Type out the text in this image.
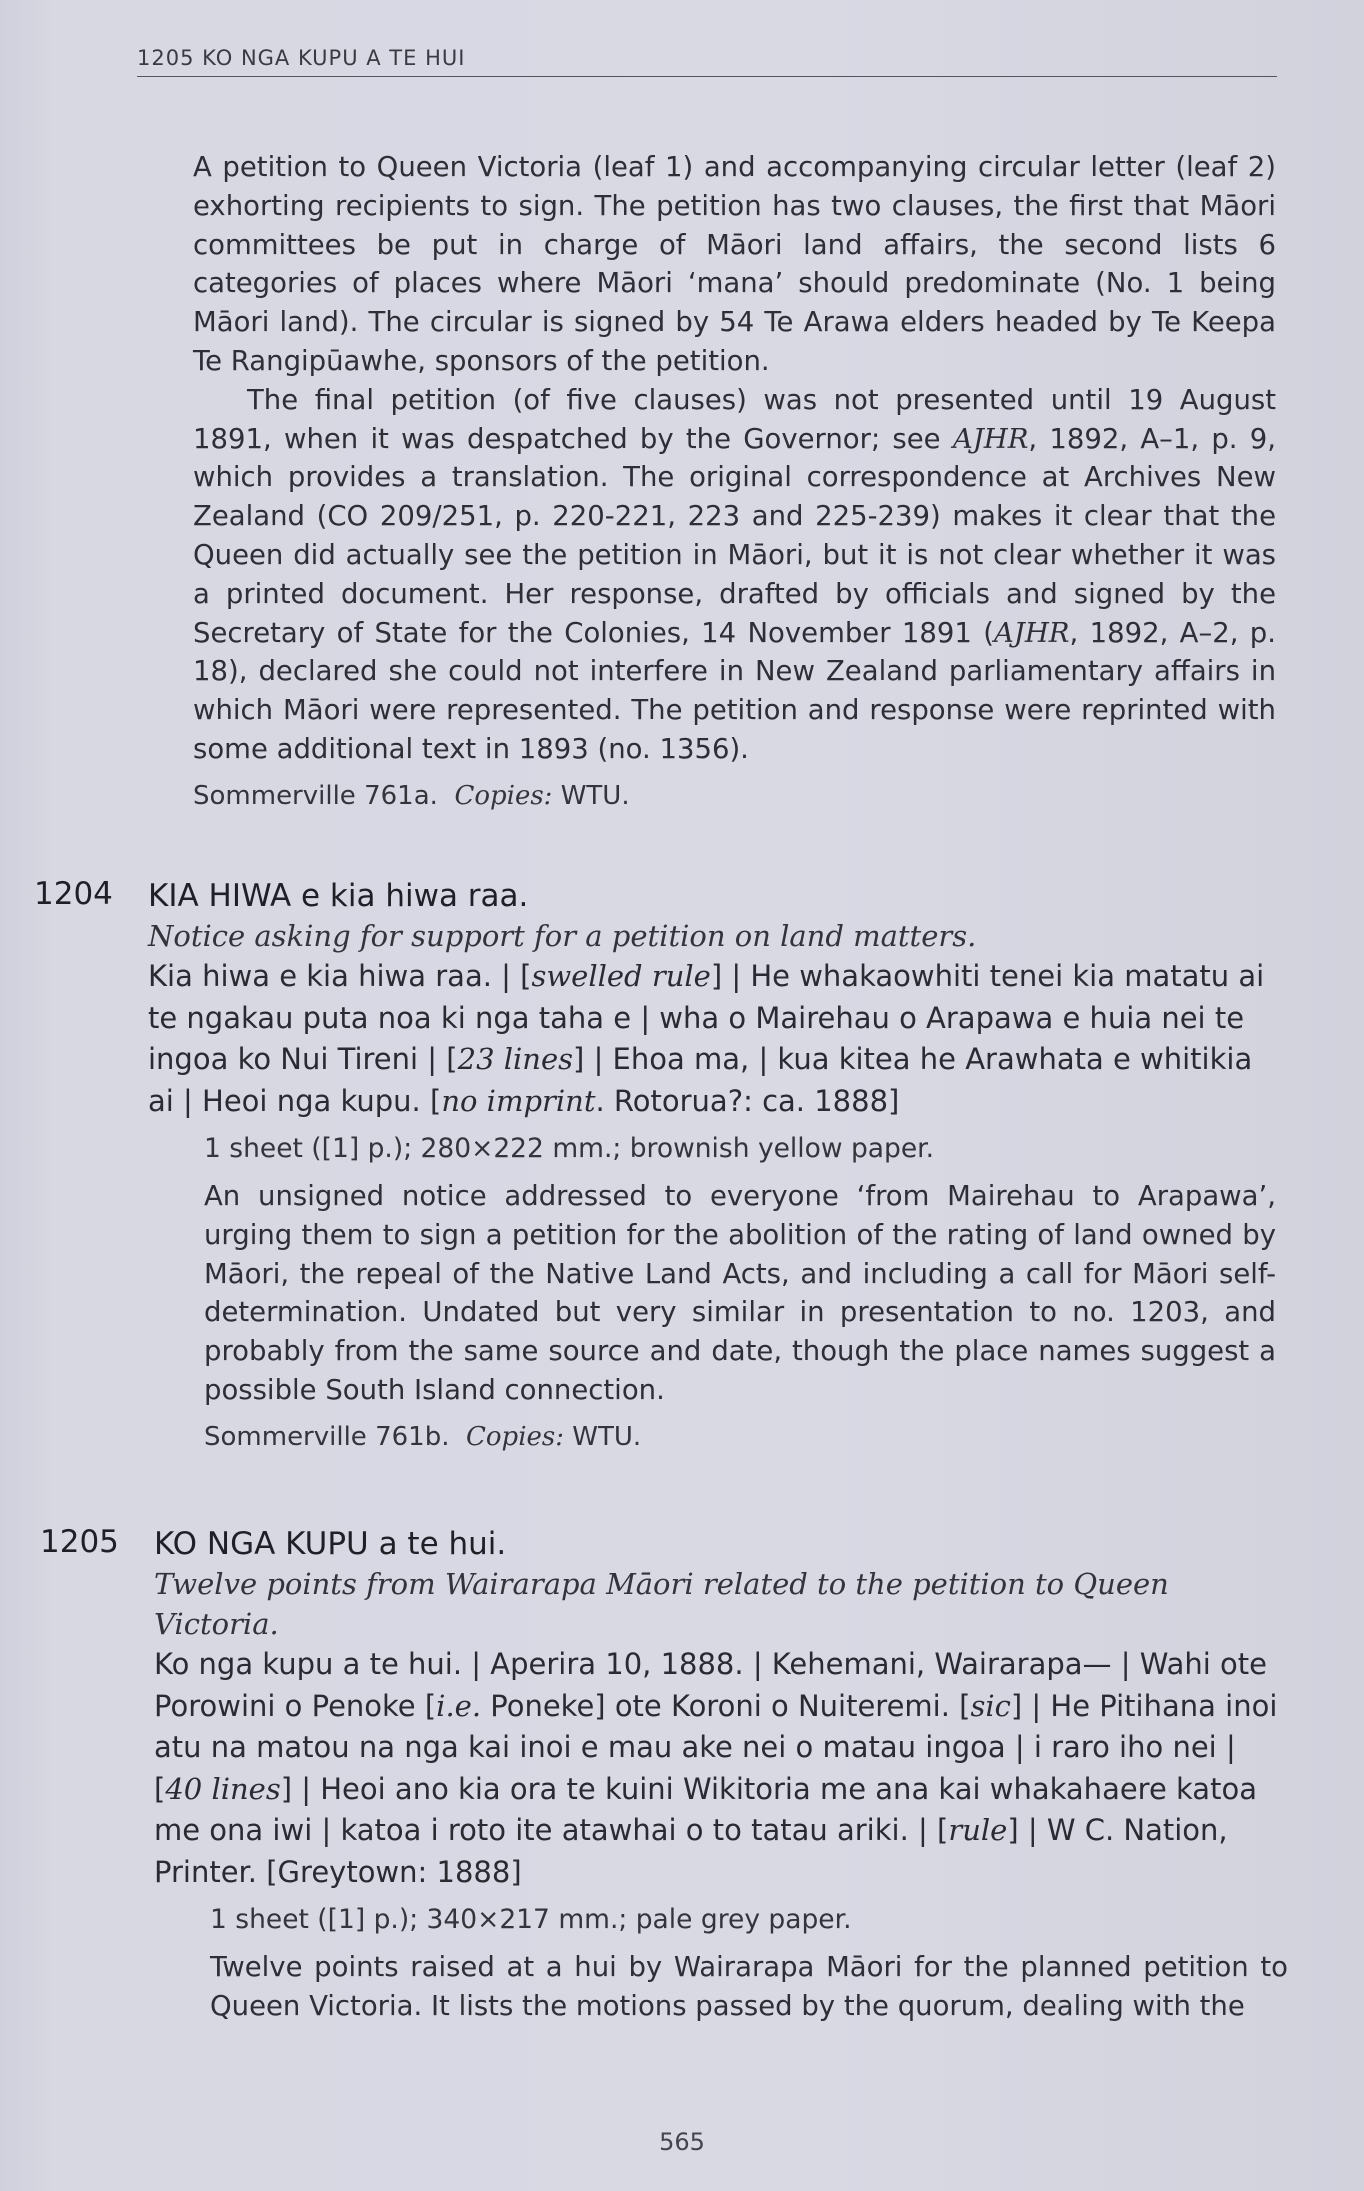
1205 KO NGA KUPU A TE HUI

A petition to Queen Victoria (leaf 1) and accompanying circular letter (leaf 2) exhorting recipients to sign. The petition has two clauses, the first that Māori committees be put in charge of Māori land affairs, the second lists 6 categories of places where Māori ‘mana’ should predominate (No. 1 being Māori land). The circular is signed by 54 Te Arawa elders headed by Te Keepa Te Rangipūawhe, sponsors of the petition.

The final petition (of five clauses) was not presented until 19 August 1891, when it was despatched by the Governor; see AJHR, 1892, A–1, p. 9, which provides a translation. The original correspondence at Archives New Zealand (CO 209/251, p. 220-221, 223 and 225-239) makes it clear that the Queen did actually see the petition in Māori, but it is not clear whether it was a printed document. Her response, drafted by officials and signed by the Secretary of State for the Colonies, 14 November 1891 (AJHR, 1892, A–2, p. 18), declared she could not interfere in New Zealand parliamentary affairs in which Māori were represented. The petition and response were reprinted with some additional text in 1893 (no. 1356).

Sommerville 761a. Copies: WTU.

1204 KIA HIWA e kia hiwa raa.
Notice asking for support for a petition on land matters.

Kia hiwa e kia hiwa raa. | [swelled rule] | He whakaowhiti tenei kia matatu ai te ngakau puta noa ki nga taha e | wha o Mairehau o Arapawa e huia nei te ingoa ko Nui Tireni | [23 lines] | Ehoa ma, | kua kitea he Arawhata e whitikia ai | Heoi nga kupu. [no imprint. Rotorua?: ca. 1888]

1 sheet ([1] p.); 280×222 mm.; brownish yellow paper.

An unsigned notice addressed to everyone ‘from Mairehau to Arapawa’, urging them to sign a petition for the abolition of the rating of land owned by Māori, the repeal of the Native Land Acts, and including a call for Māori self-determination. Undated but very similar in presentation to no. 1203, and probably from the same source and date, though the place names suggest a possible South Island connection.

Sommerville 761b. Copies: WTU.

1205 KO NGA KUPU a te hui.
Twelve points from Wairarapa Māori related to the petition to Queen Victoria.

Ko nga kupu a te hui. | Aperira 10, 1888. | Kehemani, Wairarapa— | Wahi ote Porowini o Penoke [i.e. Poneke] ote Koroni o Nuiteremi. [sic] | He Pitihana inoi atu na matou na nga kai inoi e mau ake nei o matau ingoa | i raro iho nei | [40 lines] | Heoi ano kia ora te kuini Wikitoria me ana kai whakahaere katoa me ona iwi | katoa i roto ite atawhai o to tatau ariki. | [rule] | W C. Nation, Printer. [Greytown: 1888]

1 sheet ([1] p.); 340×217 mm.; pale grey paper.

Twelve points raised at a hui by Wairarapa Māori for the planned petition to Queen Victoria. It lists the motions passed by the quorum, dealing with the

565
